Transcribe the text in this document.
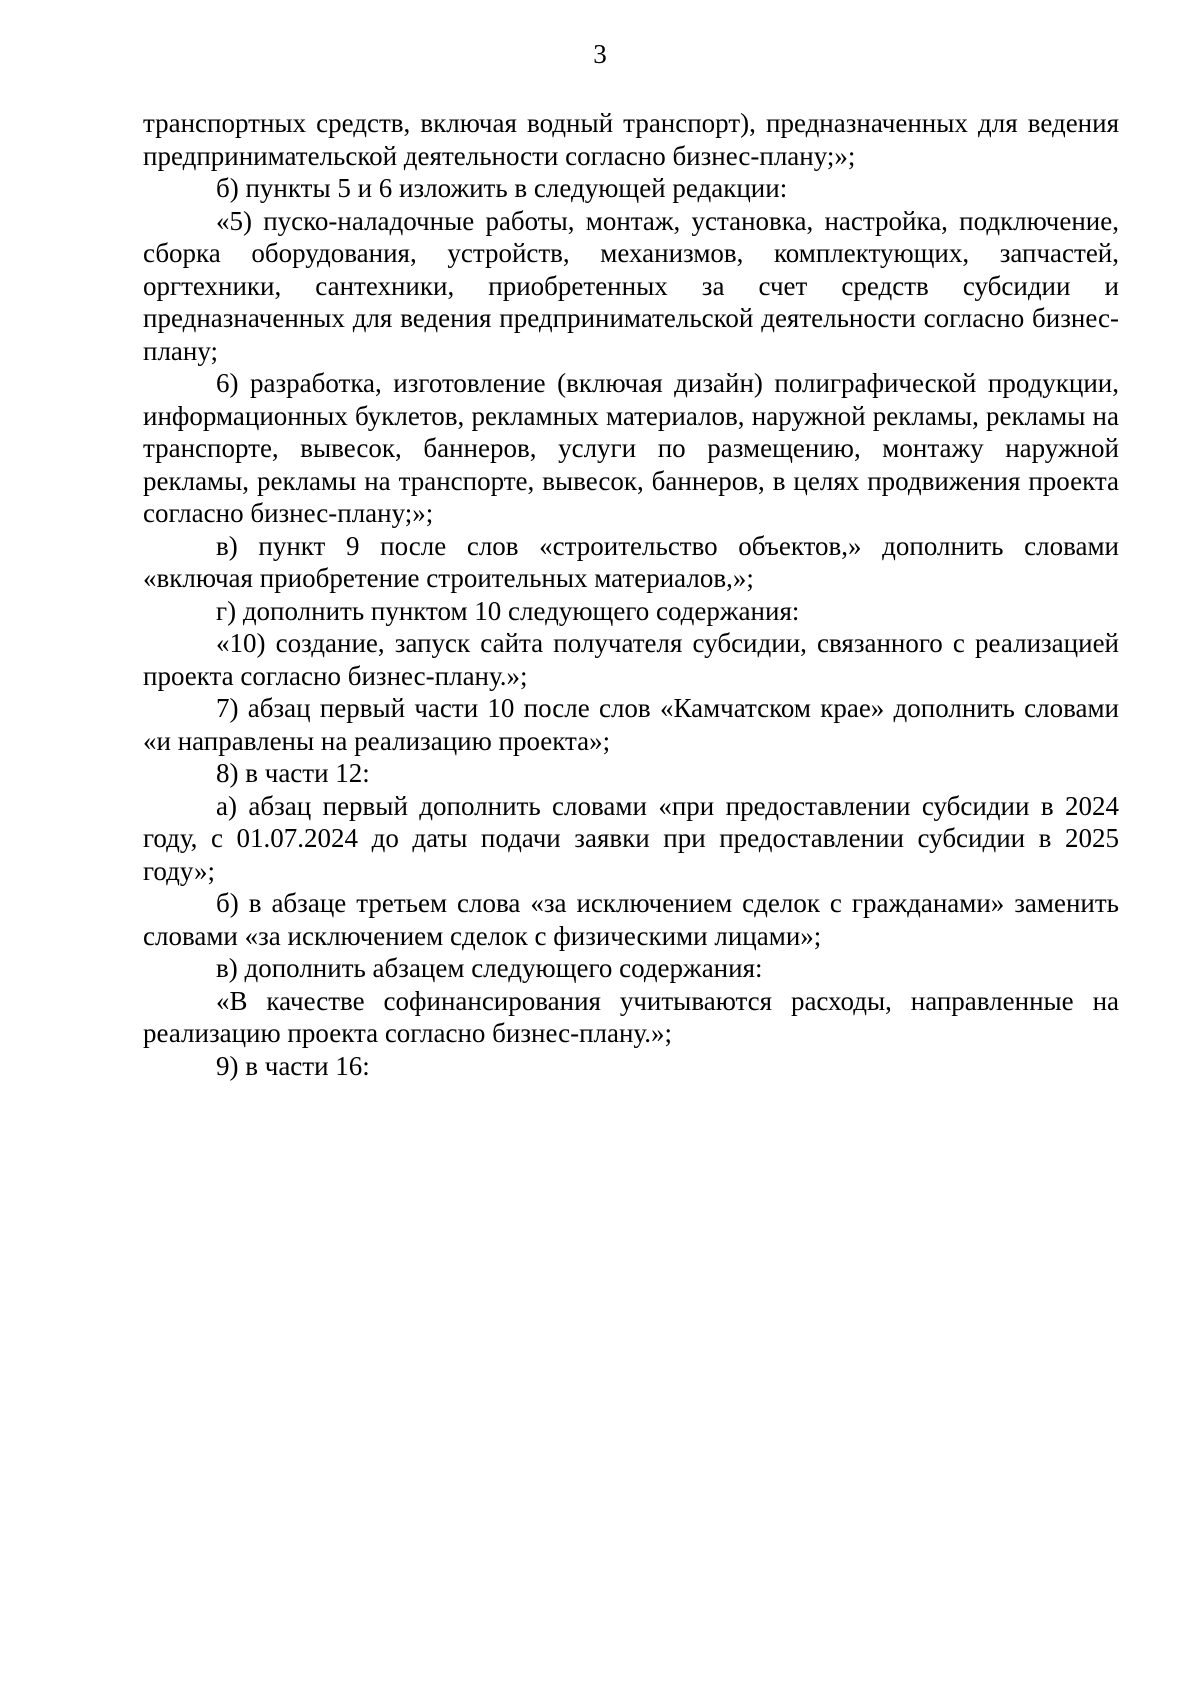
3

транспортных средств, включая водный транспорт), предназначенных для ведения предпринимательской деятельности согласно бизнес-плану;»;

б) пункты 5 и 6 изложить в следующей редакции:

«5) пуско-наладочные работы, монтаж, установка, настройка, подключение, сборка оборудования, устройств, механизмов, комплектующих, запчастей, оргтехники, сантехники, приобретенных за счет средств субсидии и предназначенных для ведения предпринимательской деятельности согласно бизнес-плану;

6) разработка, изготовление (включая дизайн) полиграфической продукции, информационных буклетов, рекламных материалов, наружной рекламы, рекламы на транспорте, вывесок, баннеров, услуги по размещению, монтажу наружной рекламы, рекламы на транспорте, вывесок, баннеров, в целях продвижения проекта согласно бизнес-плану;»;

в) пункт 9 после слов «строительство объектов,» дополнить словами «включая приобретение строительных материалов,»;

г) дополнить пунктом 10 следующего содержания:

«10) создание, запуск сайта получателя субсидии, связанного с реализацией проекта согласно бизнес-плану.»;

7) абзац первый части 10 после слов «Камчатском крае» дополнить словами «и направлены на реализацию проекта»;

8) в части 12:

а) абзац первый дополнить словами «при предоставлении субсидии в 2024 году, с 01.07.2024 до даты подачи заявки при предоставлении субсидии в 2025 году»;

б) в абзаце третьем слова «за исключением сделок с гражданами» заменить словами «за исключением сделок с физическими лицами»;

в) дополнить абзацем следующего содержания:

«В качестве софинансирования учитываются расходы, направленные на реализацию проекта согласно бизнес-плану.»;

9) в части 16:
